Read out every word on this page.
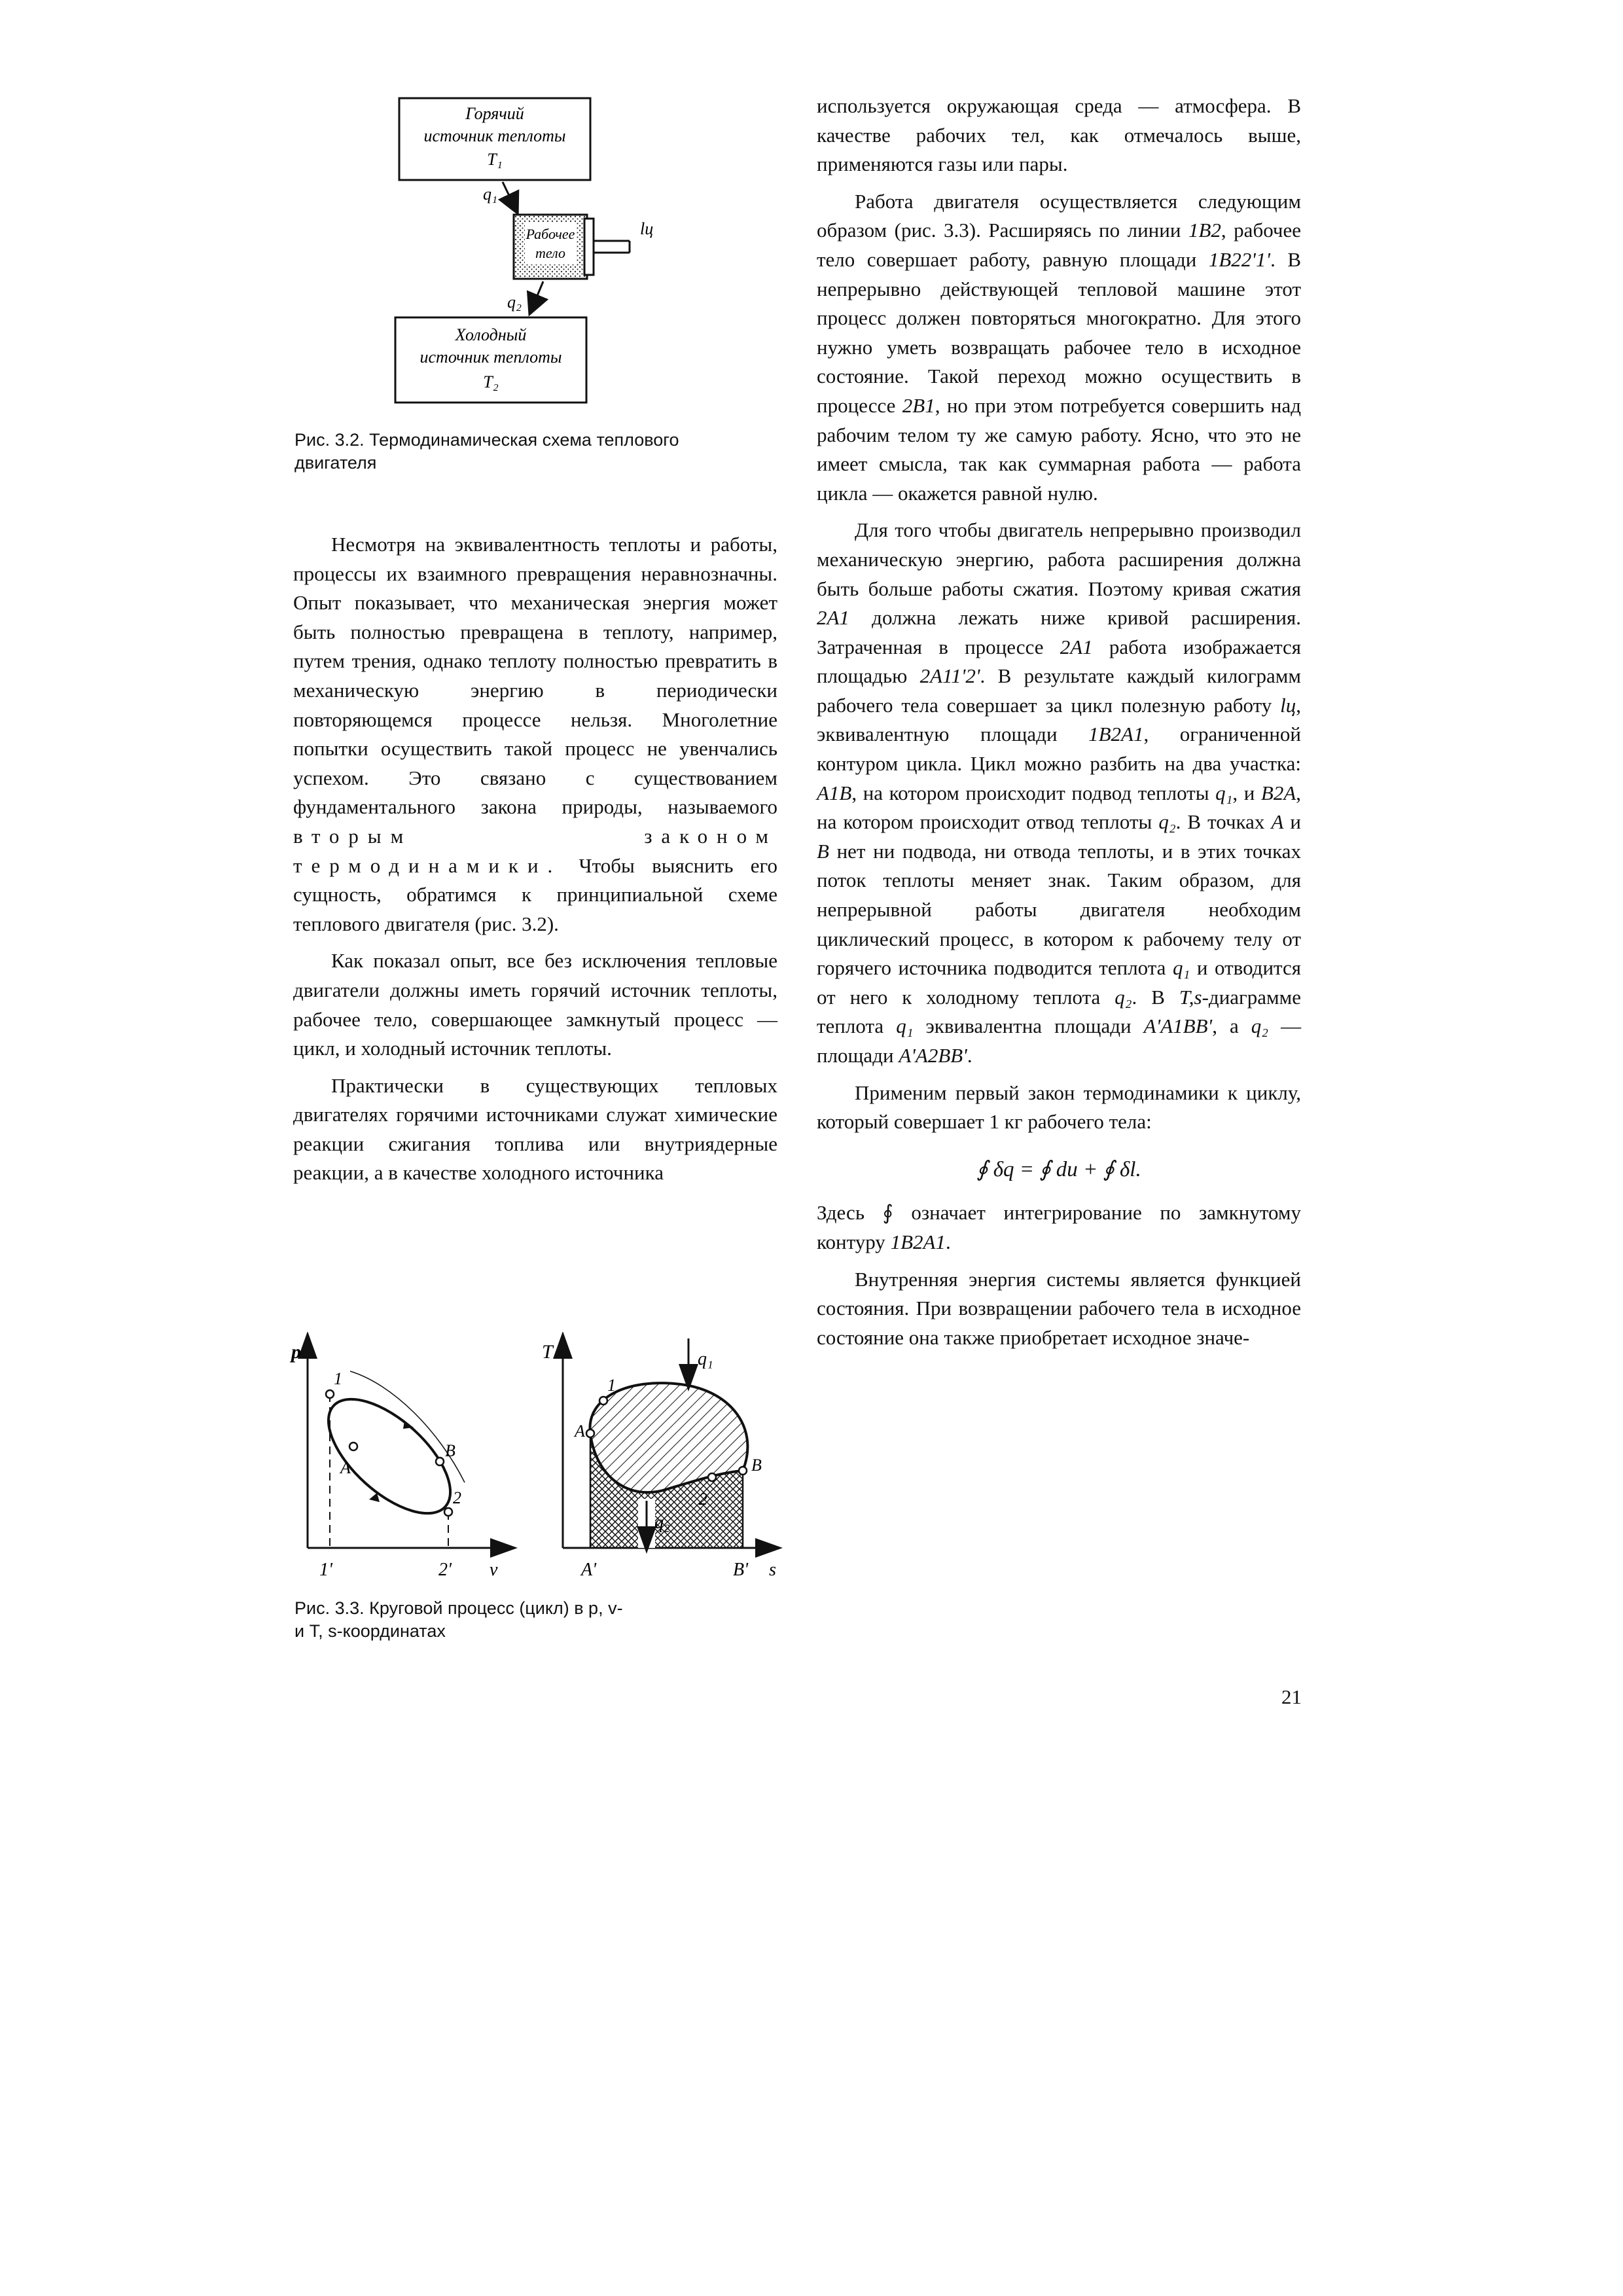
Горячий
источник теплоты
T₁
q₁
Рабочее
тело
lц
q₂
Холодный
источник теплоты
T₂
Рис. 3.2. Термодинамическая схема теплового
двигателя

Несмотря на эквивалентность теплоты и работы, процессы их взаимного превращения неравнозначны. Опыт показывает, что механическая энергия может быть полностью превращена в теплоту, например, путем трения, однако теплоту полностью превратить в механическую энергию в периодически повторяющемся процессе нельзя. Многолетние попытки осуществить такой процесс не увенчались успехом. Это связано с существованием фундаментального закона природы, называемого вторым законом термодинамики. Чтобы выяснить его сущность, обратимся к принципиальной схеме теплового двигателя (рис. 3.2).

Как показал опыт, все без исключения тепловые двигатели должны иметь горячий источник теплоты, рабочее тело, совершающее замкнутый процесс — цикл, и холодный источник теплоты.

Практически в существующих тепловых двигателях горячими источниками служат химические реакции сжигания топлива или внутриядерные реакции, а в качестве холодного источника

p
v
1
A
B
2
1'	2'
T
s
q₁
q₂
1
A
B
2
A'	B'
Рис. 3.3. Круговой процесс (цикл) в p, v-
и T, s-координатах

используется окружающая среда — атмосфера. В качестве рабочих тел, как отмечалось выше, применяются газы или пары.

Работа двигателя осуществляется следующим образом (рис. 3.3). Расширяясь по линии 1B2, рабочее тело совершает работу, равную площади 1B22'1'. В непрерывно действующей тепловой машине этот процесс должен повторяться многократно. Для этого нужно уметь возвращать рабочее тело в исходное состояние. Такой переход можно осуществить в процессе 2B1, но при этом потребуется совершить над рабочим телом ту же самую работу. Ясно, что это не имеет смысла, так как суммарная работа — работа цикла — окажется равной нулю.

Для того чтобы двигатель непрерывно производил механическую энергию, работа расширения должна быть больше работы сжатия. Поэтому кривая сжатия 2A1 должна лежать ниже кривой расширения. Затраченная в процессе 2A1 работа изображается площадью 2A11'2'. В результате каждый килограмм рабочего тела совершает за цикл полезную работу lц, эквивалентную площади 1B2A1, ограниченной контуром цикла. Цикл можно разбить на два участка: A1B, на котором происходит подвод теплоты q₁, и B2A, на котором происходит отвод теплоты q₂. В точках A и B нет ни подвода, ни отвода теплоты, и в этих точках поток теплоты меняет знак. Таким образом, для непрерывной работы двигателя необходим циклический процесс, в котором к рабочему телу от горячего источника подводится теплота q₁ и отводится от него к холодному теплота q₂. В T,s-диаграмме теплота q₁ эквивалентна площади A'A1BB', а q₂ — площади A'A2BB'.

Применим первый закон термодинамики к циклу, который совершает 1 кг рабочего тела:

∮ δq = ∮ du + ∮ δl.

Здесь ∮ означает интегрирование по замкнутому контуру 1B2A1.

Внутренняя энергия системы является функцией состояния. При возвращении рабочего тела в исходное состояние она также приобретает исходное значе-

21
